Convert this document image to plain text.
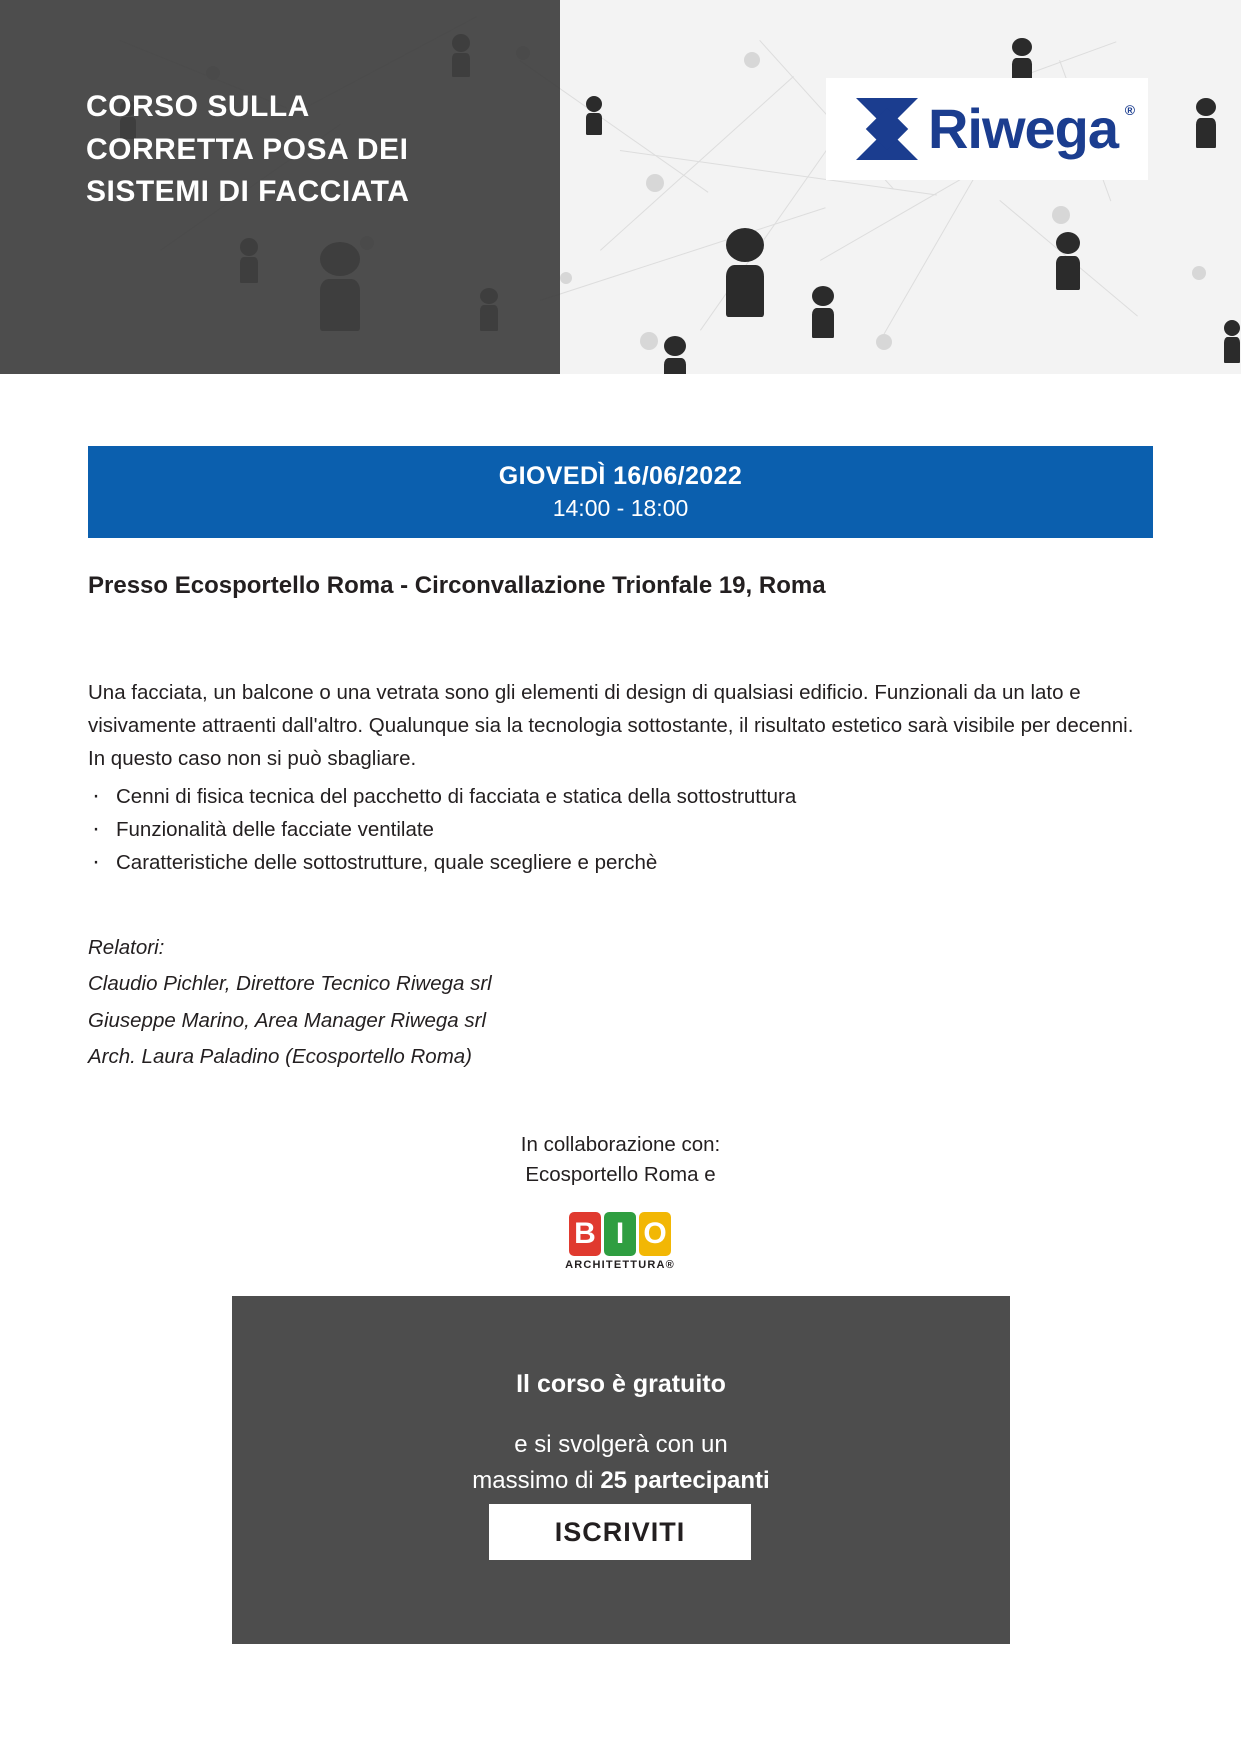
CORSO SULLA
CORRETTA POSA DEI
SISTEMI DI FACCIATA
Riwega ®
GIOVEDÌ 16/06/2022
14:00 - 18:00
Presso Ecosportello Roma - Circonvallazione Trionfale 19, Roma
Una facciata, un balcone o una vetrata sono gli elementi di design di qualsiasi edificio. Funzionali da un lato e visivamente attraenti dall'altro. Qualunque sia la tecnologia sottostante, il risultato estetico sarà visibile per decenni. In questo caso non si può sbagliare.
· Cenni di fisica tecnica del pacchetto di facciata e statica della sottostruttura
· Funzionalità delle facciate ventilate
· Caratteristiche delle sottostrutture, quale scegliere e perchè
Relatori:
Claudio Pichler, Direttore Tecnico Riwega srl
Giuseppe Marino, Area Manager Riwega srl
Arch. Laura Paladino (Ecosportello Roma)
In collaborazione con:
Ecosportello Roma e
B I O
ARCHITETTURA®
Il corso è gratuito
e si svolgerà con un
massimo di 25 partecipanti
ISCRIVITI
